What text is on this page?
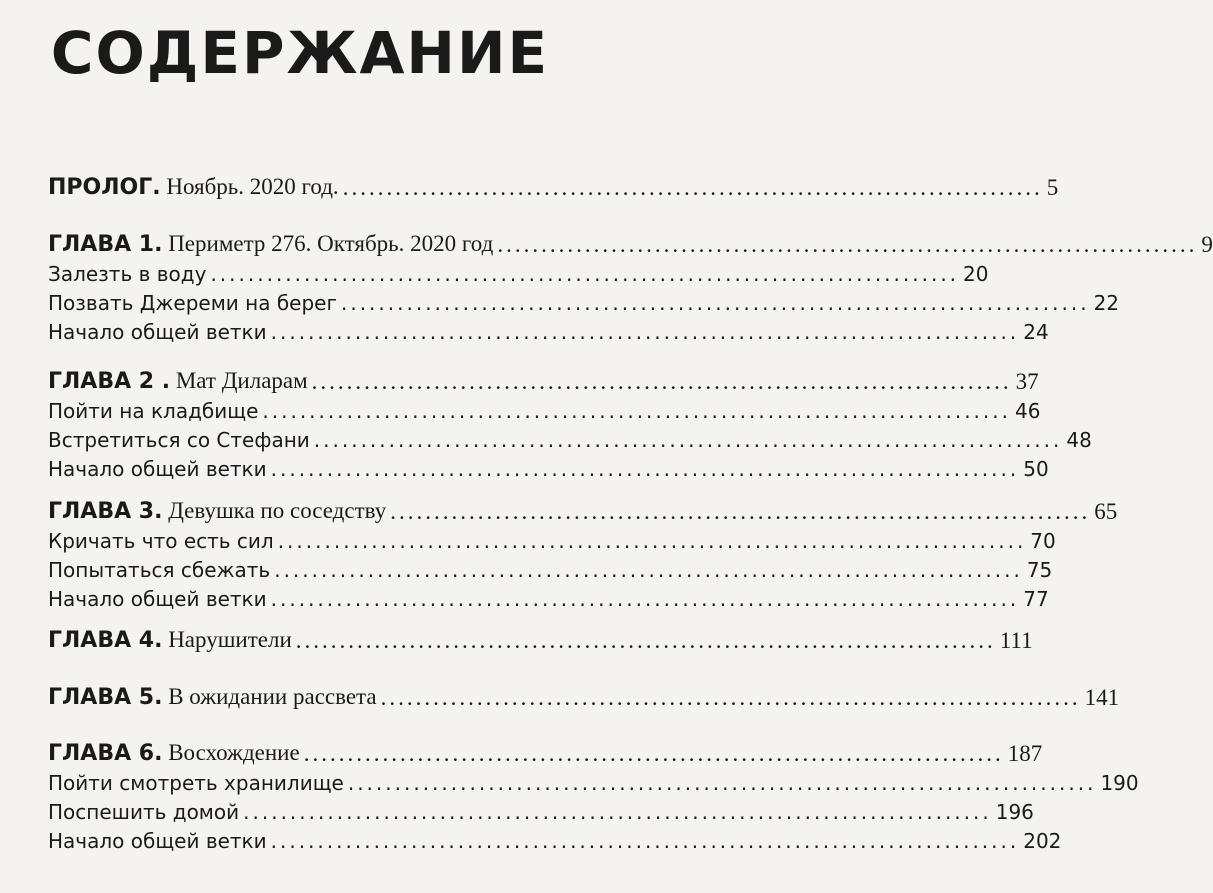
СОДЕРЖАНИЕ
ПРОЛОГ. Ноябрь. 2020 год. ................................................................................ 5
ГЛАВА 1. Периметр 276. Октябрь. 2020 год ................................................................................ 9
Залезть в воду ................................................................................ 20
Позвать Джереми на берег ................................................................................ 22
Начало общей ветки ................................................................................ 24
ГЛАВА 2 . Мат Диларам ................................................................................ 37
Пойти на кладбище ................................................................................ 46
Встретиться со Стефани ................................................................................ 48
Начало общей ветки ................................................................................ 50
ГЛАВА 3. Девушка по соседству ................................................................................ 65
Кричать что есть сил ................................................................................ 70
Попытаться сбежать ................................................................................ 75
Начало общей ветки ................................................................................ 77
ГЛАВА 4. Нарушители ................................................................................ 111
ГЛАВА 5. В ожидании рассвета ................................................................................ 141
ГЛАВА 6. Восхождение ................................................................................ 187
Пойти смотреть хранилище ................................................................................ 190
Поспешить домой ................................................................................ 196
Начало общей ветки ................................................................................ 202
